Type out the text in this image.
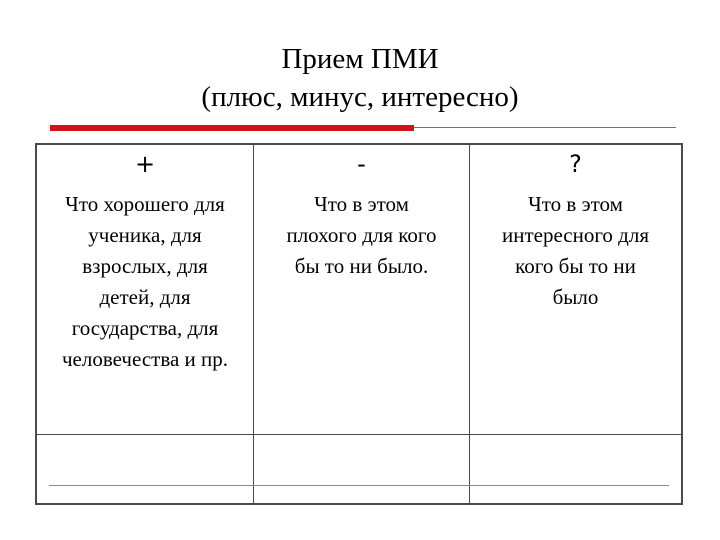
Прием ПМИ
(плюс, минус, интересно)
+
Что хорошего для
ученика, для
взрослых, для
детей, для
государства, для
человечества и пр.
-
Что в этом
плохого для кого
бы то ни было.
?
Что в этом
интересного для
кого бы то ни
было
